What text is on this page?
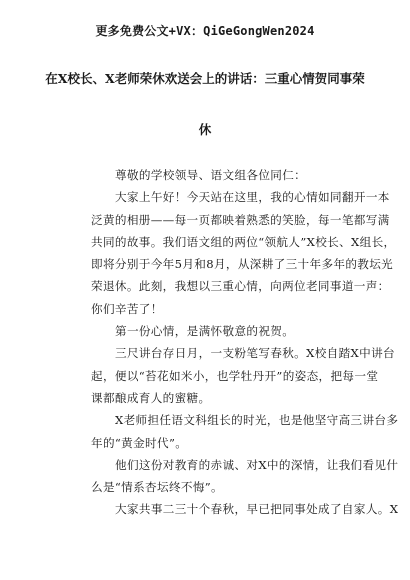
更多免费公文+VX：QiGeGongWen2024
在X校长、X老师荣休欢送会上的讲话：三重心情贺同事荣
休
尊敬的学校领导、语文组各位同仁：
大家上午好！今天站在这里，我的心情如同翻开一本
泛黄的相册——每一页都映着熟悉的笑脸，每一笔都写满
共同的故事。我们语文组的两位“领航人”X校长、X组长，
即将分别于今年5月和8月，从深耕了三十年多年的教坛光
荣退休。此刻，我想以三重心情，向两位老同事道一声：
你们辛苦了！
第一份心情，是满怀敬意的祝贺。
三尺讲台存日月，一支粉笔写春秋。X校自踏X中讲台
起，便以“苔花如米小，也学牡丹开”的姿态，把每一堂
课都酿成育人的蜜糖。
X老师担任语文科组长的时光，也是他坚守高三讲台多
年的“黄金时代”。
他们这份对教育的赤诚、对X中的深情，让我们看见什
么是“情系杏坛终不悔”。
大家共事二三十个春秋，早已把同事处成了自家人。X
